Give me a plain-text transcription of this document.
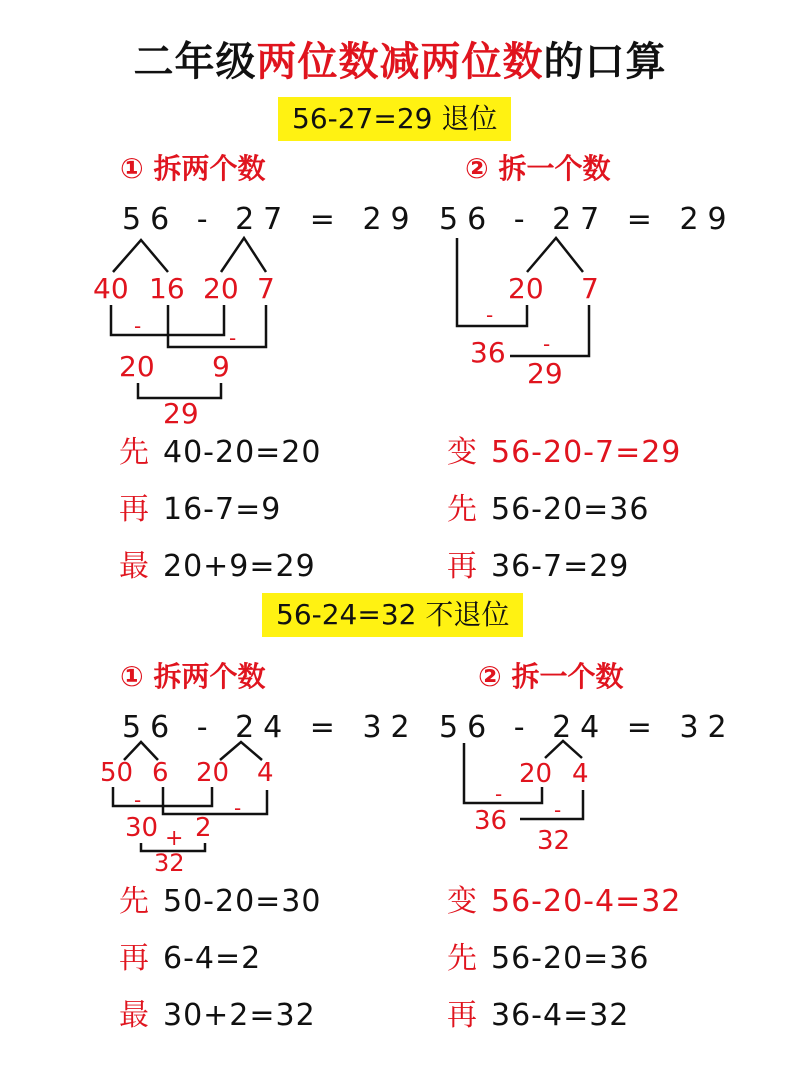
二年级两位数减两位数的口算
56-27=29 退位
① 拆两个数	② 拆一个数
56 - 27 = 29 56 - 27 = 29
40 16 20 7
-	-
20 9
29
20 7
-
-
36
29
先 40-20=20
再 16-7=9
最 20+9=29
变 56-20-7=29
先 56-20=36
再 36-7=29
56-24=32 不退位
① 拆两个数	② 拆一个数
56 - 24 = 32 56 - 24 = 32
50 6 20 4
-	-
30 2
+
32
20 4
-
-
36
32
先 50-20=30
再 6-4=2
最 30+2=32
变 56-20-4=32
先 56-20=36
再 36-4=32
